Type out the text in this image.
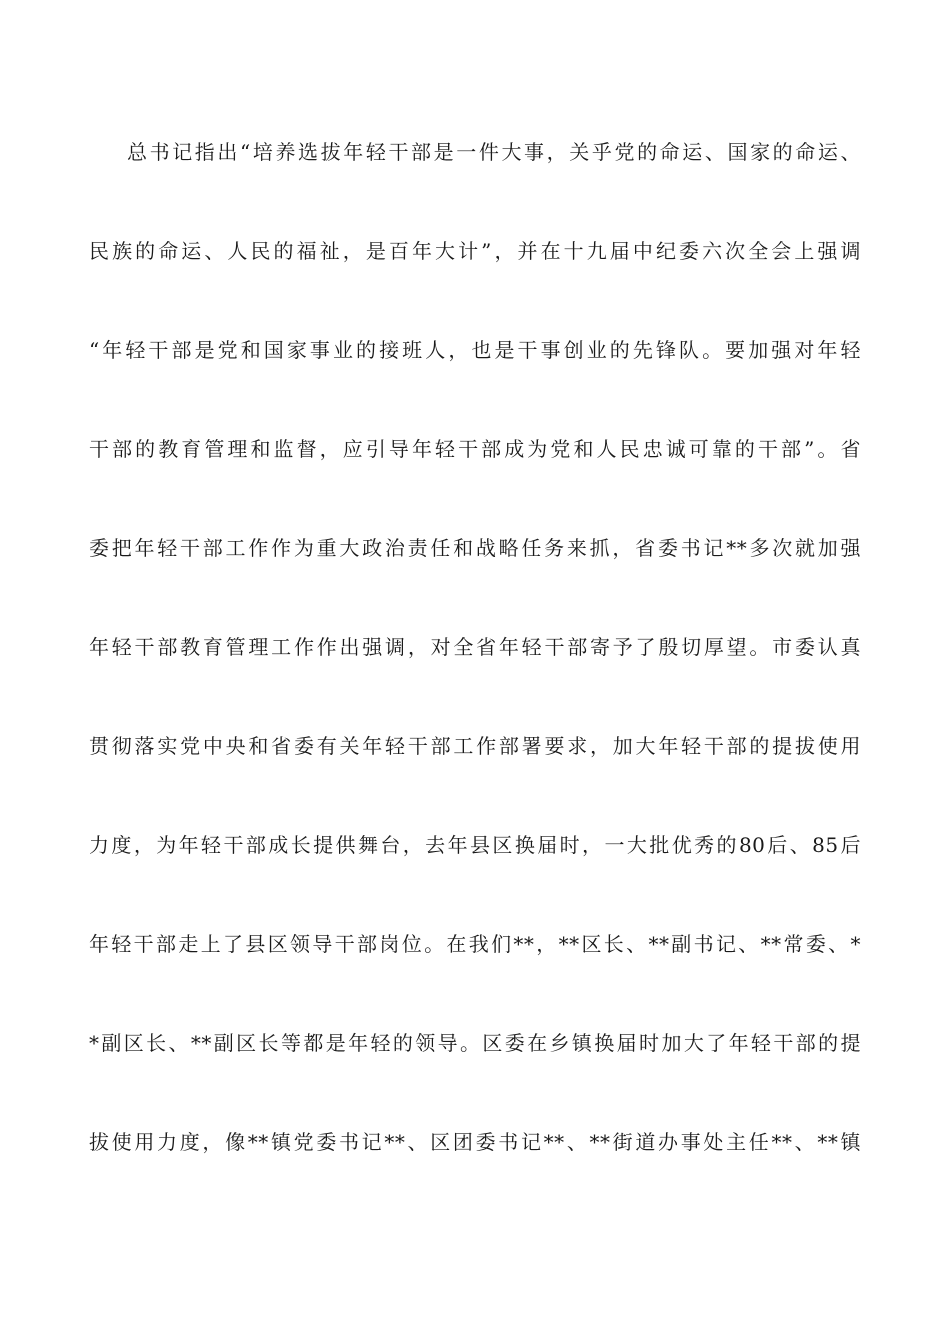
总书记指出“培养选拔年轻干部是一件大事，关乎党的命运、国家的命运、
民族的命运、人民的福祉，是百年大计”，并在十九届中纪委六次全会上强调
“年轻干部是党和国家事业的接班人，也是干事创业的先锋队。要加强对年轻
干部的教育管理和监督，应引导年轻干部成为党和人民忠诚可靠的干部”。省
委把年轻干部工作作为重大政治责任和战略任务来抓，省委书记**多次就加强
年轻干部教育管理工作作出强调，对全省年轻干部寄予了殷切厚望。市委认真
贯彻落实党中央和省委有关年轻干部工作部署要求，加大年轻干部的提拔使用
力度，为年轻干部成长提供舞台，去年县区换届时，一大批优秀的80后、85后
年轻干部走上了县区领导干部岗位。在我们**，**区长、**副书记、**常委、*
*副区长、**副区长等都是年轻的领导。区委在乡镇换届时加大了年轻干部的提
拔使用力度，像**镇党委书记**、区团委书记**、**街道办事处主任**、**镇
